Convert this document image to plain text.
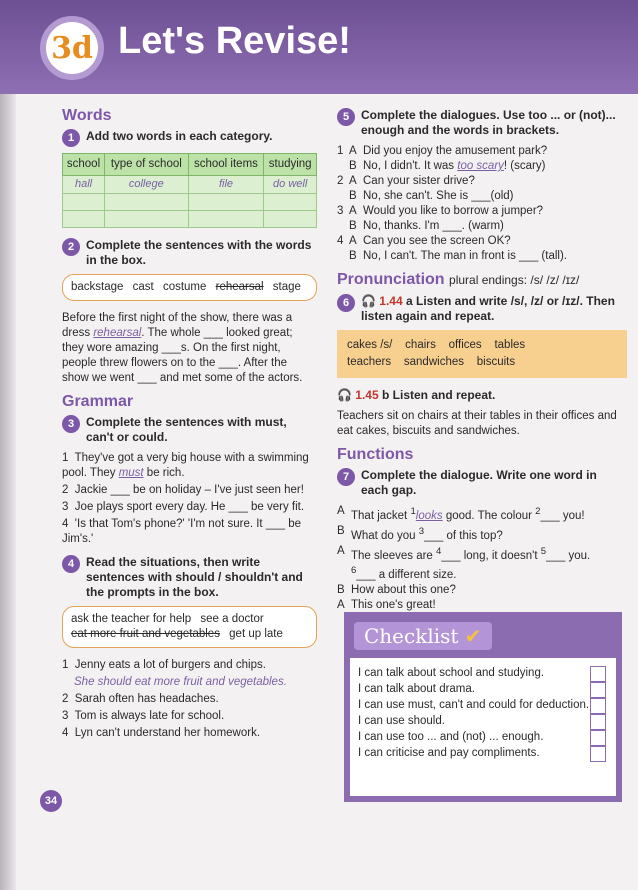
3d Let's Revise!
Words
1 Add two words in each category.
school	type of school	school items	studying
hall	college	file	do well

2 Complete the sentences with the words in the box.
backstage cast costume rehearsal stage

Before the first night of the show, there was a dress rehearsal. The whole ___ looked great; they wore amazing ___s. On the first night, people threw flowers on to the ___. After the show we went ___ and met some of the actors.

Grammar
3 Complete the sentences with must, can't or could.
1 They've got a very big house with a swimming pool. They must be rich.
2 Jackie ___ be on holiday – I've just seen her!
3 Joe plays sport every day. He ___ be very fit.
4 'Is that Tom's phone?' 'I'm not sure. It ___ be Jim's.'
4 Read the situations, then write sentences with should / shouldn't and the prompts in the box.
ask the teacher for help see a doctor
eat more fruit and vegetables get up late
1 Jenny eats a lot of burgers and chips.
She should eat more fruit and vegetables.
2 Sarah often has headaches.
3 Tom is always late for school.
4 Lyn can't understand her homework.
5 Complete the dialogues. Use too ... or (not)... enough and the words in brackets.
1 A Did you enjoy the amusement park?
B No, I didn't. It was too scary! (scary)
2 A Can your sister drive?
B No, she can't. She is ___(old)
3 A Would you like to borrow a jumper?
B No, thanks. I'm ___. (warm)
4 A Can you see the screen OK?
B No, I can't. The man in front is ___ (tall).
Pronunciation plural endings: /s/ /z/ /ɪz/
6 🎧 1.44 a Listen and write /s/, /z/ or /ɪz/. Then listen again and repeat.
cakes /s/ chairs offices tables
teachers sandwiches biscuits
🎧 1.45 b Listen and repeat.

Teachers sit on chairs at their tables in their offices and eat cakes, biscuits and sandwiches.

Functions
7 Complete the dialogue. Write one word in each gap.
A That jacket $^1$looks good. The colour $^2$___ you!
B What do you $^3$___ of this top?
A The sleeves are $^4$___ long, it doesn't $^5$___ you.
$^6$___ a different size.
B How about this one?
A This one's great!
Checklist ✔
I can talk about school and studying.
I can talk about drama.
I can use must, can't and could for deduction.
I can use should.
I can use too ... and (not) ... enough.
I can criticise and pay compliments.
34
